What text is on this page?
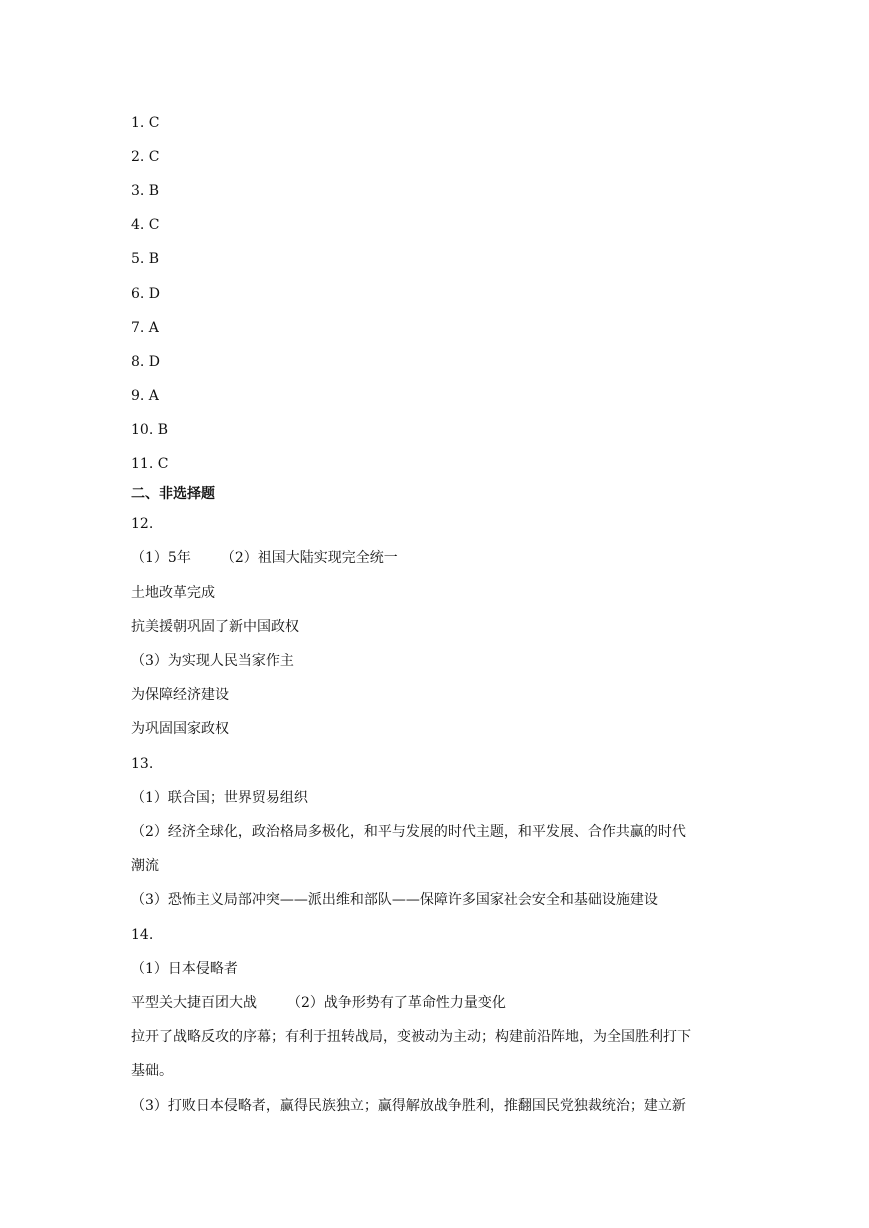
1. C
2. C
3. B
4. C
5. B
6. D
7. A
8. D
9. A
10. B
11. C
二、非选择题
12.
（1）5年 （2）祖国大陆实现完全统一
土地改革完成
抗美援朝巩固了新中国政权
（3）为实现人民当家作主
为保障经济建设
为巩固国家政权
13.
（1）联合国；世界贸易组织
（2）经济全球化，政治格局多极化，和平与发展的时代主题，和平发展、合作共赢的时代
潮流
（3）恐怖主义局部冲突——派出维和部队——保障许多国家社会安全和基础设施建设
14.
（1）日本侵略者
平型关大捷百团大战 （2）战争形势有了革命性力量变化
拉开了战略反攻的序幕；有利于扭转战局，变被动为主动；构建前沿阵地，为全国胜利打下
基础。
（3）打败日本侵略者，赢得民族独立；赢得解放战争胜利，推翻国民党独裁统治；建立新
